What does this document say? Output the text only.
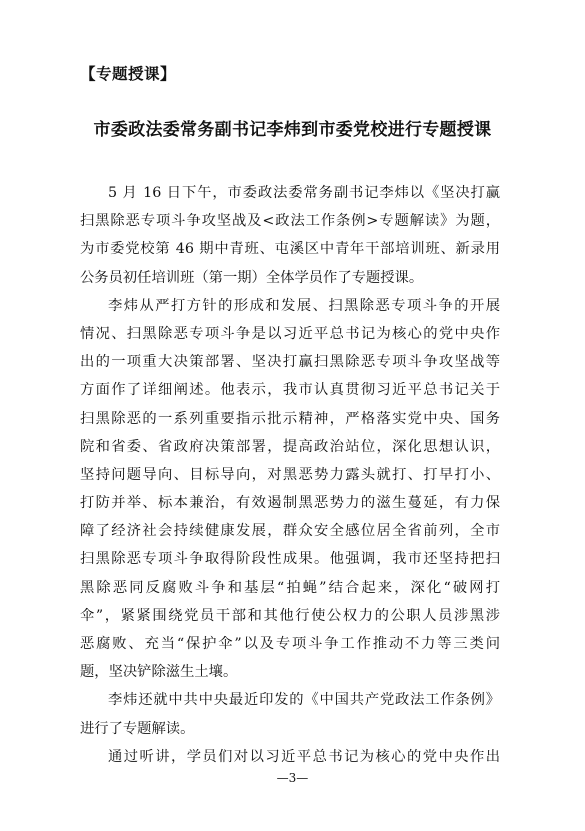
【专题授课】
市委政法委常务副书记李炜到市委党校进行专题授课
5 月 16 日下午，市委政法委常务副书记李炜以《坚决打赢
扫黑除恶专项斗争攻坚战及<政法工作条例>专题解读》为题，
为市委党校第 46 期中青班、屯溪区中青年干部培训班、新录用
公务员初任培训班（第一期）全体学员作了专题授课。
李炜从严打方针的形成和发展、扫黑除恶专项斗争的开展
情况、扫黑除恶专项斗争是以习近平总书记为核心的党中央作
出的一项重大决策部署、坚决打赢扫黑除恶专项斗争攻坚战等
方面作了详细阐述。他表示，我市认真贯彻习近平总书记关于
扫黑除恶的一系列重要指示批示精神，严格落实党中央、国务
院和省委、省政府决策部署，提高政治站位，深化思想认识，
坚持问题导向、目标导向，对黑恶势力露头就打、打早打小、
打防并举、标本兼治，有效遏制黑恶势力的滋生蔓延，有力保
障了经济社会持续健康发展，群众安全感位居全省前列，全市
扫黑除恶专项斗争取得阶段性成果。他强调，我市还坚持把扫
黑除恶同反腐败斗争和基层“拍蝇”结合起来，深化“破网打
伞”，紧紧围绕党员干部和其他行使公权力的公职人员涉黑涉
恶腐败、充当“保护伞”以及专项斗争工作推动不力等三类问
题，坚决铲除滋生土壤。
李炜还就中共中央最近印发的《中国共产党政法工作条例》
进行了专题解读。
通过听讲，学员们对以习近平总书记为核心的党中央作出
—3—
